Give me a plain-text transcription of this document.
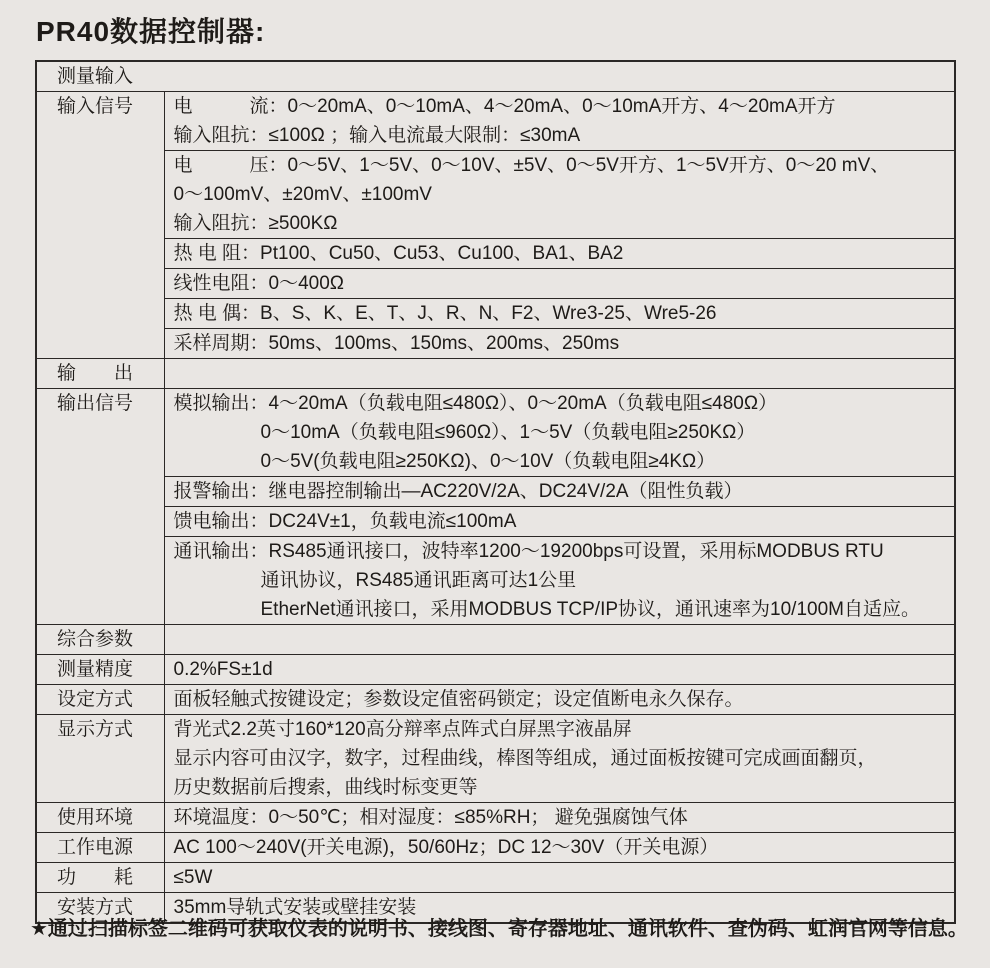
PR40数据控制器:
测量输入	
输入信号	电　　　流：0～20mA、0～10mA、4～20mA、0～10mA开方、4～20mA开方
输入阻抗：≤100Ω ；输入电流最大限制：≤30mA

	电　　　压：0～5V、1～5V、0～10V、±5V、0～5V开方、1～5V开方、0～20 mV、
0～100mV、±20mV、±100mV
输入阻抗：≥500KΩ

	热 电 阻：Pt100、Cu50、Cu53、Cu100、BA1、BA2

	线性电阻：0～400Ω

	热 电 偶：B、S、K、E、T、J、R、N、F2、Wre3-25、Wre5-26

	采样周期：50ms、100ms、150ms、200ms、250ms

输　　出	
输出信号	模拟输出：4～20mA（负载电阻≤480Ω）、0～20mA（负载电阻≤480Ω）
0～10mA（负载电阻≤960Ω）、1～5V（负载电阻≥250KΩ）
0～5V(负载电阻≥250KΩ)、0～10V（负载电阻≥4KΩ）

	报警输出：继电器控制输出—AC220V/2A、DC24V/2A（阻性负载）

	馈电输出：DC24V±1，负载电流≤100mA

	通讯输出：RS485通讯接口，波特率1200～19200bps可设置，采用标MODBUS RTU
通讯协议，RS485通讯距离可达1公里
EtherNet通讯接口，采用MODBUS TCP/IP协议，通讯速率为10/100M自适应。

综合参数	
测量精度	0.2%FS±1d

设定方式	面板轻触式按键设定；参数设定值密码锁定；设定值断电永久保存。

显示方式	背光式2.2英寸160*120高分辩率点阵式白屏黑字液晶屏
显示内容可由汉字，数字，过程曲线，棒图等组成，通过面板按键可完成画面翻页，
历史数据前后搜索，曲线时标变更等

使用环境	环境温度：0～50℃；相对湿度：≤85%RH； 避免强腐蚀气体

工作电源	AC 100～240V(开关电源)，50/60Hz；DC 12～30V（开关电源）

功　　耗	≤5W

安装方式	35mm导轨式安装或壁挂安装
★通过扫描标签二维码可获取仪表的说明书、接线图、寄存器地址、通讯软件、查伪码、虹润官网等信息。
